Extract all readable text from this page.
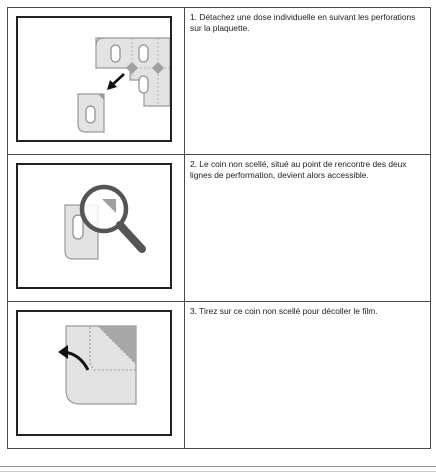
1. Détachez une dose individuelle en suivant les perforations sur la plaquette.

2. Le coin non scellé, situé au point de rencontre des deux lignes de performation, devient alors accessible.

3. Tirez sur ce coin non scellé pour décoller le film.
